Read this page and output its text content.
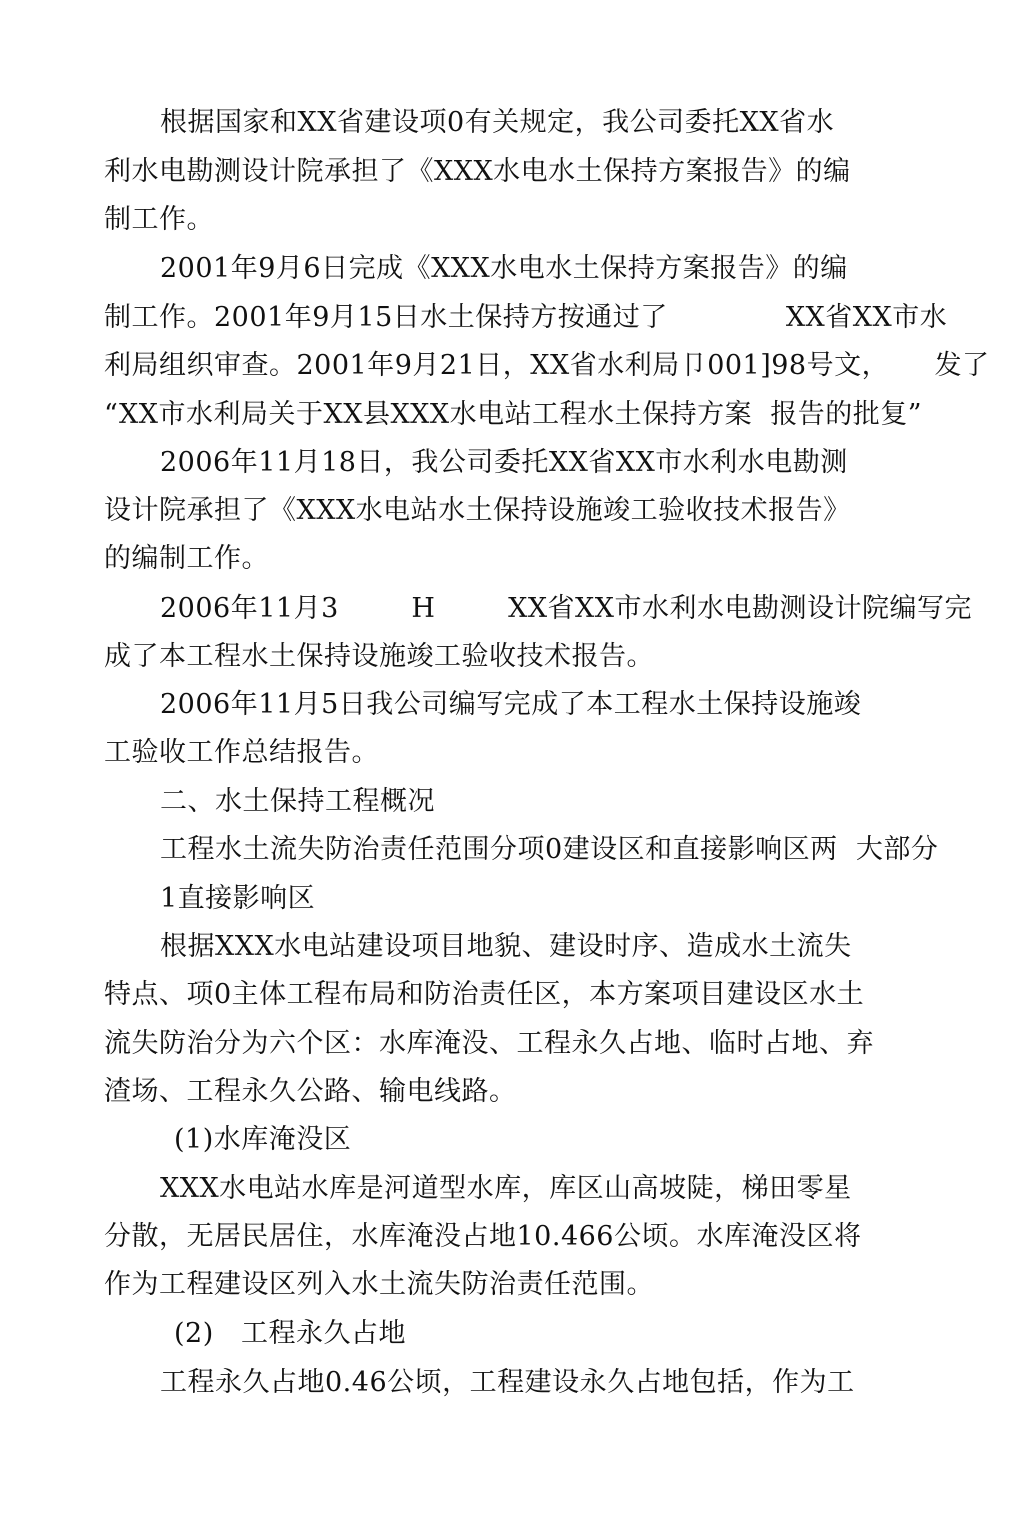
根据国家和XX省建设项0有关规定，我公司委托XX省水
利水电勘测设计院承担了《XXX水电水土保持方案报告》的编
制工作。
2001年9月6日完成《XXX水电水土保持方案报告》的编
制工作。2001年9月15日水土保持方按通过了             XX省XX市水
利局组织审查。2001年9月21日，XX省水利局卩001]98号文，     发了
“XX市水利局关于XX县XXX水电站工程水土保持方案  报告的批复”
2006年11月18日，我公司委托XX省XX市水利水电勘测
设计院承担了《XXX水电站水土保持设施竣工验收技术报告》
的编制工作。
2006年11月3        H        XX省XX市水利水电勘测设计院编写完
成了本工程水土保持设施竣工验收技术报告。
2006年11月5日我公司编写完成了本工程水土保持设施竣
工验收工作总结报告。
二、水土保持工程概况
工程水土流失防治责任范围分项0建设区和直接影响区两  大部分
1直接影响区
根据XXX水电站建设项目地貌、建设时序、造成水土流失
特点、项0主体工程布局和防治责任区，本方案项目建设区水土
流失防治分为六个区：水库淹没、工程永久占地、临时占地、弃
渣场、工程永久公路、输电线路。
(1)水库淹没区
XXX水电站水库是河道型水库，库区山高坡陡，梯田零星
分散，无居民居住，水库淹没占地10.466公顷。水库淹没区将
作为工程建设区列入水土流失防治责任范围。
(2)   工程永久占地
工程永久占地0.46公顷，工程建设永久占地包括，作为工
